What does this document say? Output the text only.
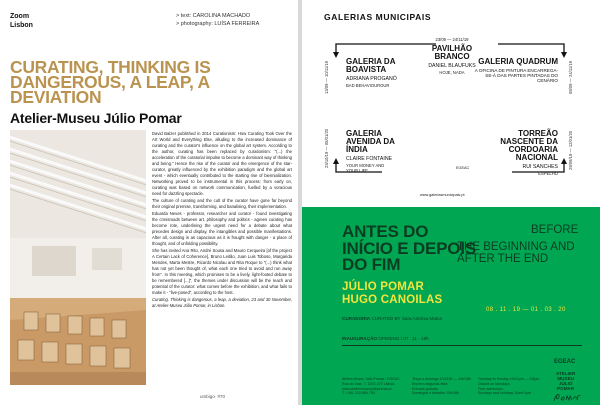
Zoom
Lisbon
> text: CAROLINA MACHADO
> photography: LUÍSA FERREIRA
CURATING, THINKING IS DANGEROUS, A LEAP, A DEVIATION
Atelier-Museu Júlio Pomar

David Balzer published in 2014 Curationism: How Curating Took Over the Art World and Everything Else, alluding to the increased dominance of curating and the curator's influence on the global art system. According to the author, curating has been replaced by curationism: "(...) the acceleration of the curatorial impulse to become a dominant way of thinking and being." Hence the rise of the curator and the emergence of the star-curator, greatly influenced by the exhibition paradigm and the global art event - which eventually contributed to the starting rise of biennialization. Networking proved to be instrumental in this process: from early on, curating was based on network communication, fuelled by a voracious need for dazzling spectacle.

The culture of curating and the cult of the curator have gone far beyond their original premise, transforming, and banalising, their implementation.

Eduarda Neves - professor, researcher and curator - found investigating the crossroads between art, philosophy and politics - agrees curating has become rote, underlining the urgent need for a debate about what precedes design and display, the intangibles and possible manifestations. After all, curating is as capacious as it is fraught with danger - a place of thought, and of unfolding possibility.

She has invited Ana Rito, André Sousa and Mauro Cerqueira [of the project A Certain Lack of Coherence], Bruno Leitão, Juan Luis Toboso, Margarida Mendes, Marta Mestre, Ricardo Nicolau and Rita Roque to "(...) think what has not yet been thought of, what each one tried to avoid and run away from". In this meeting, which promises to be a lively, light-footed debate to be remembered [...]", the themes under discussion will be the reach and potential of the curator: what comes before the exhibition, and what fails to make it - "live-posed", according to the host.

Curating. Thinking is dangerous, a leap, a deviation, 23 and 30 November, at Atelier-Museu Júlio Pomar, in Lisbon.

umbigo· #70
GALERIAS MUNICIPAIS
23/09 — 24/11/19
PAVILHÃO BRANCO
DANIEL BLAUFUKS
HOJE, NADA
GALERIA DA BOAVISTA
ADRIANA PROGANÓ
BAD BEHAVIOUROUR
13/09 — 10/11/19	GALERIA QUADRUM
A OFICINA DE PINTURA ENCARREGA-SE-Á DAS PARTES PINTADAS DO CENÁRIO 08/09 — 24/11/19
GALERIA AVENIDA DA ÍNDIA
CLAIRE FONTAINE
YOUR MONEY AND YOUR LIFE
23/10/19 — 05/01/20	TORREÃO NASCENTE DA CORDOARIA NACIONAL
RUI SANCHES
ESPELHO
29/09/19 — 12/01/20
EGEAC
www.galeriasmunicipais.pt
ANTES DO
INÍCIO E DEPOIS
DO FIM
BEFORE
THE BEGINNING AND
AFTER THE END
JÚLIO POMAR
HUGO CANOILAS
08 . 11 . 19 — 01 . 03 . 20
CURADORIA CURATED BY Sara Antónia Matos
INAUGURAÇÃO OPENING / 07 . 11 - 18h
Atelier-Museu Júlio Pomar / EGEAC
Rua do Vale, 7, 1200-472 Lisboa
www.ateliermuseujuliopomar.pt
T. +351 215 880 793
Terça a domingo 10h/13h — 14h/18h
Encerra segunda-feira
Entrada gratuita
Domingos e feriados 10h/18h
Tuesday to Sunday 10h/1pm — 2/6pm
Closed on Mondays
Free admission
Sundays and holidays 10am/1pm
EGEAC
ATELIER
MUSEU
JÚLIO
POMAR
